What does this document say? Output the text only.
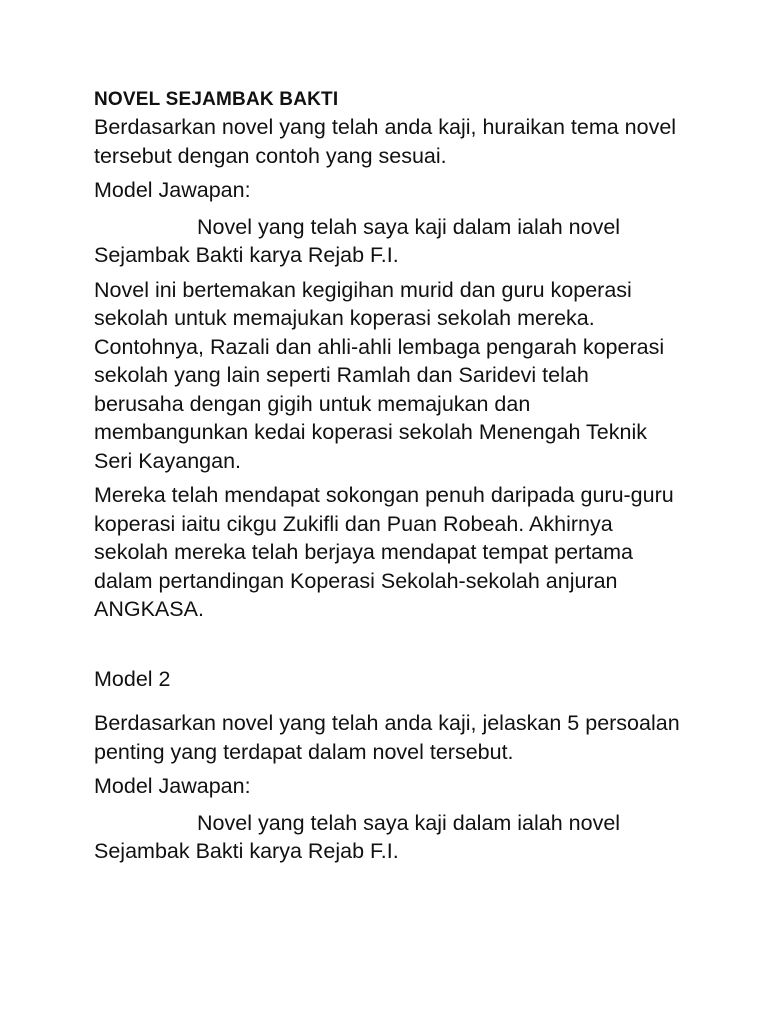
NOVEL SEJAMBAK BAKTI

Berdasarkan novel yang telah anda kaji, huraikan tema novel tersebut dengan contoh yang sesuai.

Model Jawapan:

Novel yang telah saya kaji dalam ialah novel Sejambak Bakti karya Rejab F.I.

Novel ini bertemakan kegigihan murid dan guru koperasi sekolah untuk memajukan koperasi sekolah mereka. Contohnya, Razali dan ahli-ahli lembaga pengarah koperasi sekolah yang lain seperti Ramlah dan Saridevi telah berusaha dengan gigih untuk memajukan dan membangunkan kedai koperasi sekolah Menengah Teknik Seri Kayangan.

Mereka telah mendapat sokongan penuh daripada guru-guru koperasi iaitu cikgu Zukifli dan Puan Robeah. Akhirnya sekolah mereka telah berjaya mendapat tempat pertama dalam pertandingan Koperasi Sekolah-sekolah anjuran ANGKASA.

Model 2

Berdasarkan novel yang telah anda kaji, jelaskan 5 persoalan penting yang terdapat dalam novel tersebut.

Model Jawapan:

Novel yang telah saya kaji dalam ialah novel Sejambak Bakti karya Rejab F.I.
